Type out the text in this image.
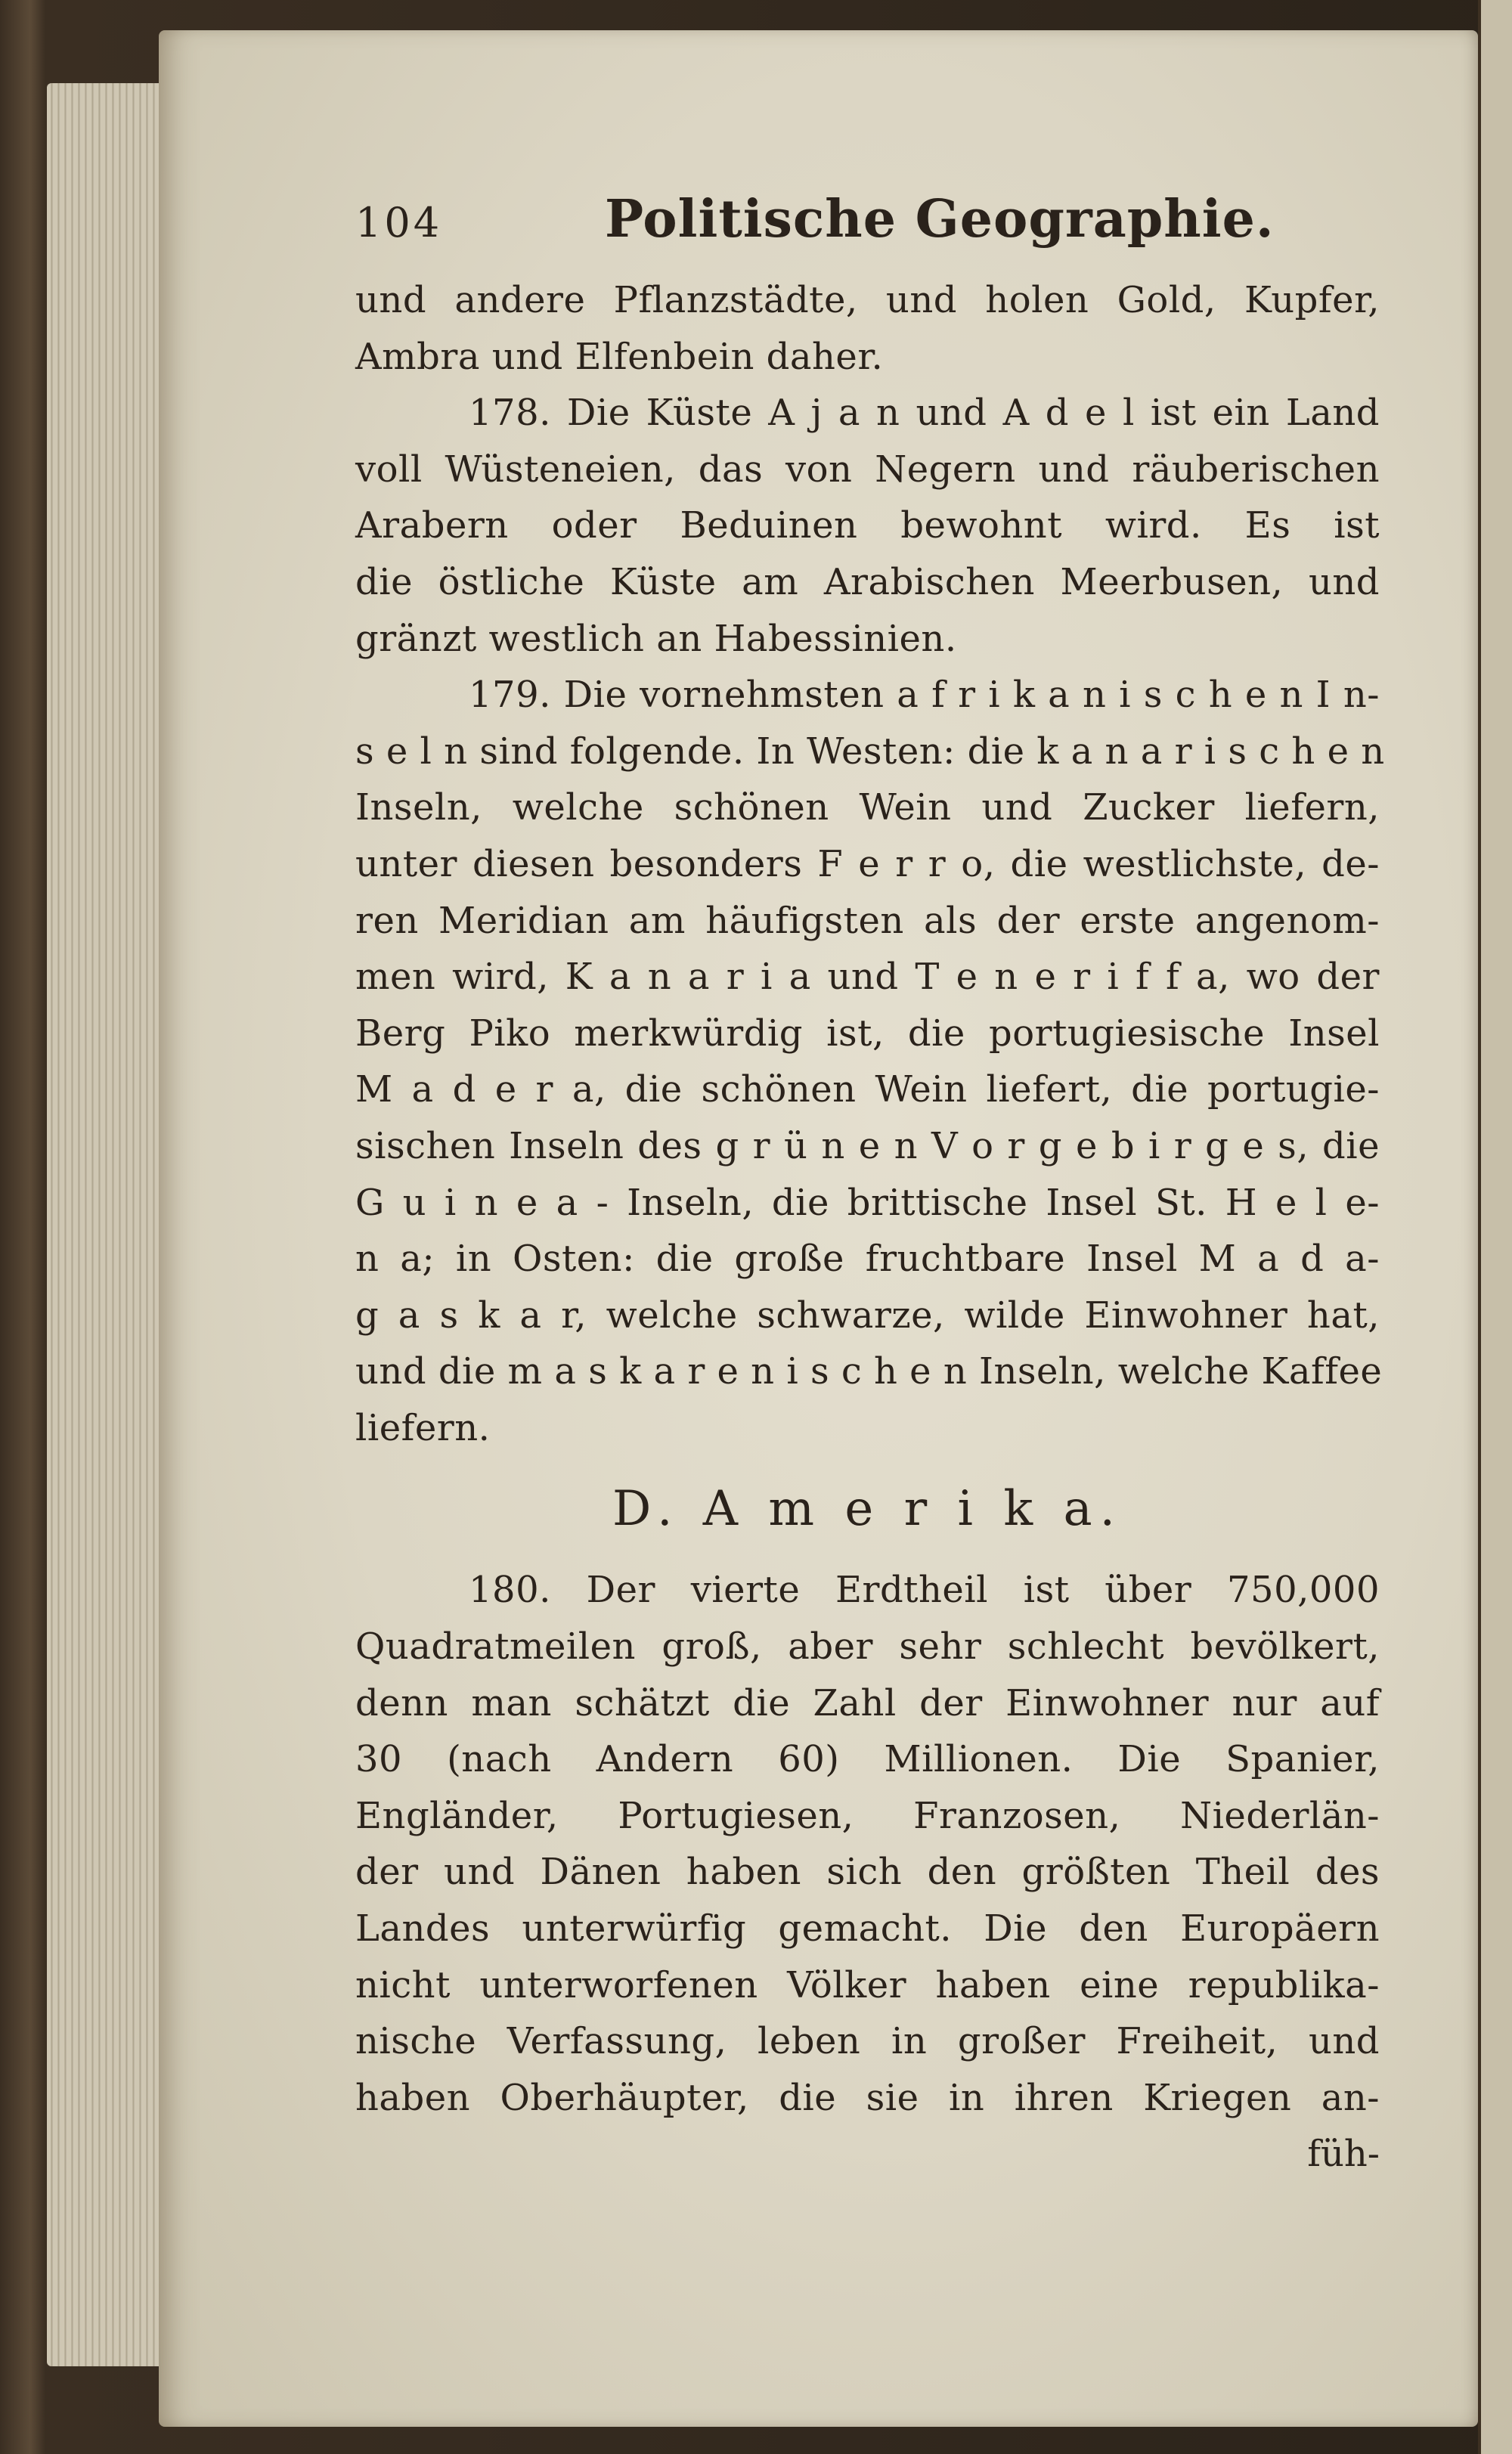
104	Politische Geographie.
und andere Pflanzstädte, und holen Gold, Kupfer,
Ambra und Elfenbein daher.
178. Die Küste A j a n und A d e l ist ein Land
voll Wüsteneien, das von Negern und räuberischen
Arabern oder Beduinen bewohnt wird. Es ist
die östliche Küste am Arabischen Meerbusen, und
gränzt westlich an Habessinien.
179. Die vornehmsten a f r i k a n i s c h e n I n-
s e l n sind folgende. In Westen: die k a n a r i s c h e n
Inseln, welche schönen Wein und Zucker liefern,
unter diesen besonders F e r r o, die westlichste, de-
ren Meridian am häufigsten als der erste angenom-
men wird, K a n a r i a und T e n e r i f f a, wo der
Berg Piko merkwürdig ist, die portugiesische Insel
M a d e r a, die schönen Wein liefert, die portugie-
sischen Inseln des g r ü n e n V o r g e b i r g e s, die
G u i n e a - Inseln, die brittische Insel St. H e l e-
n a; in Osten: die große fruchtbare Insel M a d a-
g a s k a r, welche schwarze, wilde Einwohner hat,
und die m a s k a r e n i s c h e n Inseln, welche Kaffee
liefern.
D. A m e r i k a.
180. Der vierte Erdtheil ist über 750,000
Quadratmeilen groß, aber sehr schlecht bevölkert,
denn man schätzt die Zahl der Einwohner nur auf
30 (nach Andern 60) Millionen. Die Spanier,
Engländer, Portugiesen, Franzosen, Niederlän-
der und Dänen haben sich den größten Theil des
Landes unterwürfig gemacht. Die den Europäern
nicht unterworfenen Völker haben eine republika-
nische Verfassung, leben in großer Freiheit, und
haben Oberhäupter, die sie in ihren Kriegen an-
füh-
